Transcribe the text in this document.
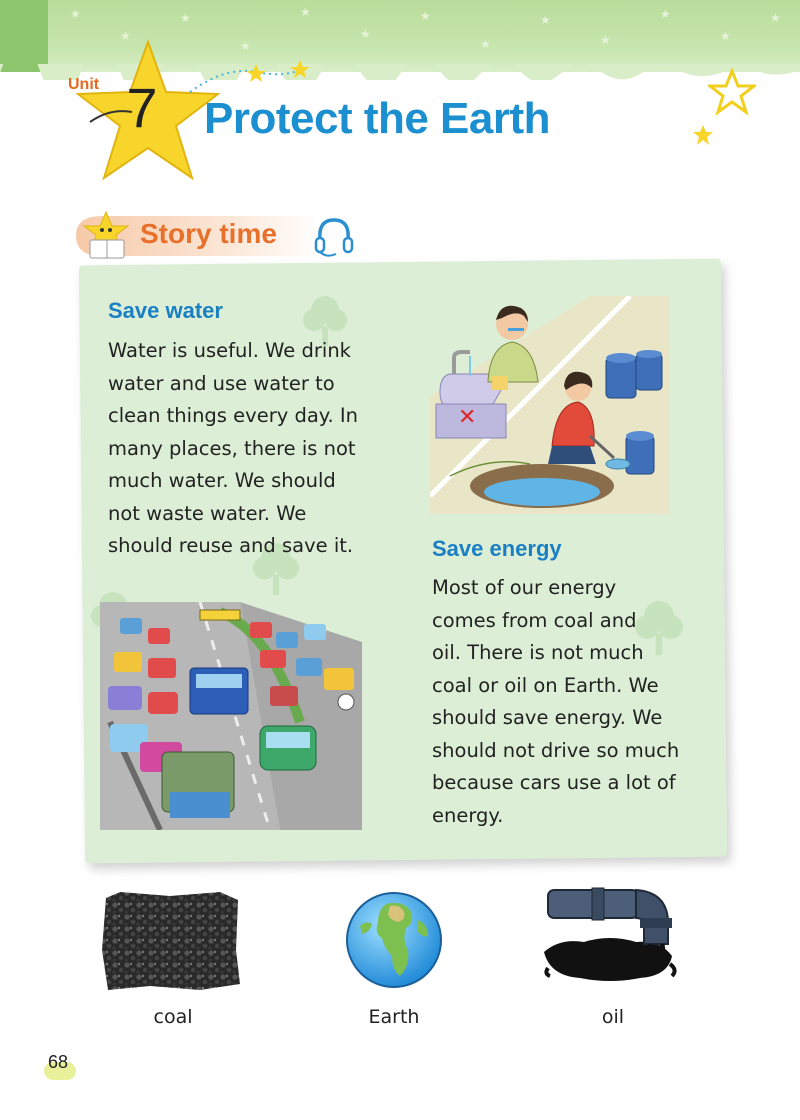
★
★
★
★
★
★
★
★
★
★
★
★
★
Unit 7 Protect the Earth
Story time
Save water
Water is useful. We drink
water and use water to
clean things every day. In
many places, there is not
much water. We should
not waste water. We
should reuse and save it.
✕
Save energy
Most of our energy
comes from coal and
oil. There is not much
coal or oil on Earth. We
should save energy. We
should not drive so much
because cars use a lot of
energy.
coal	Earth	oil
68
